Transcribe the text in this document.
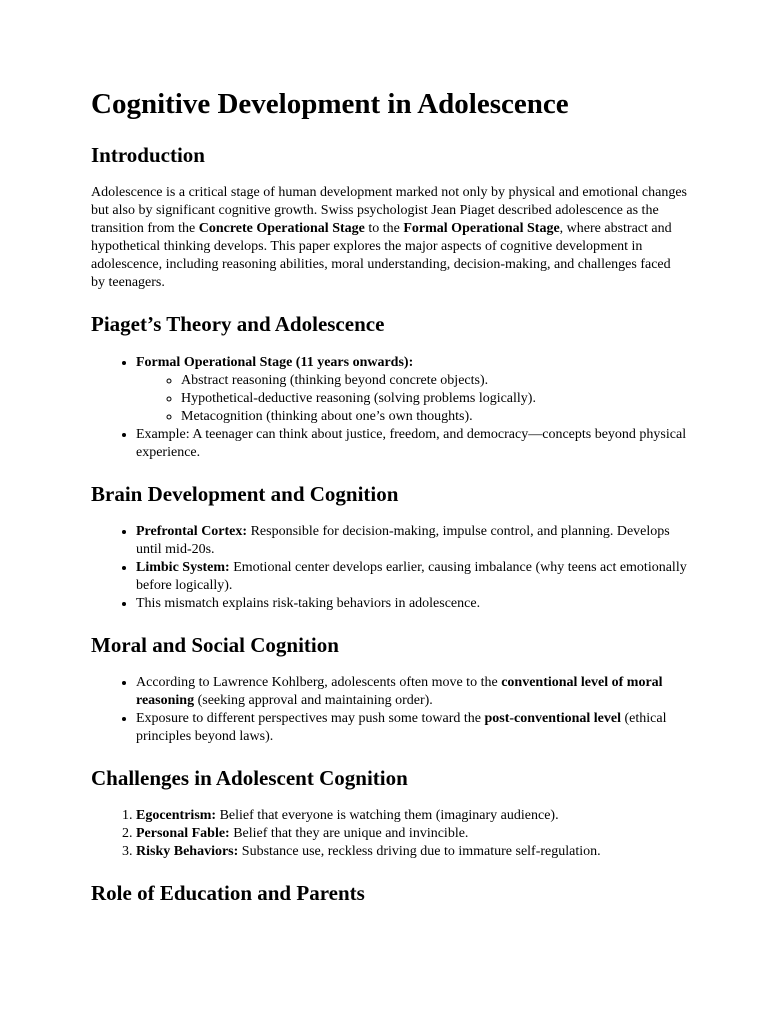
Cognitive Development in Adolescence
Introduction

Adolescence is a critical stage of human development marked not only by physical and emotional changes but also by significant cognitive growth. Swiss psychologist Jean Piaget described adolescence as the transition from the Concrete Operational Stage to the Formal Operational Stage, where abstract and hypothetical thinking develops. This paper explores the major aspects of cognitive development in adolescence, including reasoning abilities, moral understanding, decision-making, and challenges faced by teenagers.

Piaget’s Theory and Adolescence
• Formal Operational Stage (11 years onwards):
◦ Abstract reasoning (thinking beyond concrete objects).
◦ Hypothetical-deductive reasoning (solving problems logically).
◦ Metacognition (thinking about one’s own thoughts).
• Example: A teenager can think about justice, freedom, and democracy—concepts beyond physical experience.
Brain Development and Cognition
• Prefrontal Cortex: Responsible for decision-making, impulse control, and planning. Develops until mid-20s.
• Limbic System: Emotional center develops earlier, causing imbalance (why teens act emotionally before logically).
• This mismatch explains risk-taking behaviors in adolescence.
Moral and Social Cognition
• According to Lawrence Kohlberg, adolescents often move to the conventional level of moral reasoning (seeking approval and maintaining order).
• Exposure to different perspectives may push some toward the post-conventional level (ethical principles beyond laws).
Challenges in Adolescent Cognition
1. Egocentrism: Belief that everyone is watching them (imaginary audience).
2. Personal Fable: Belief that they are unique and invincible.
3. Risky Behaviors: Substance use, reckless driving due to immature self-regulation.
Role of Education and Parents
